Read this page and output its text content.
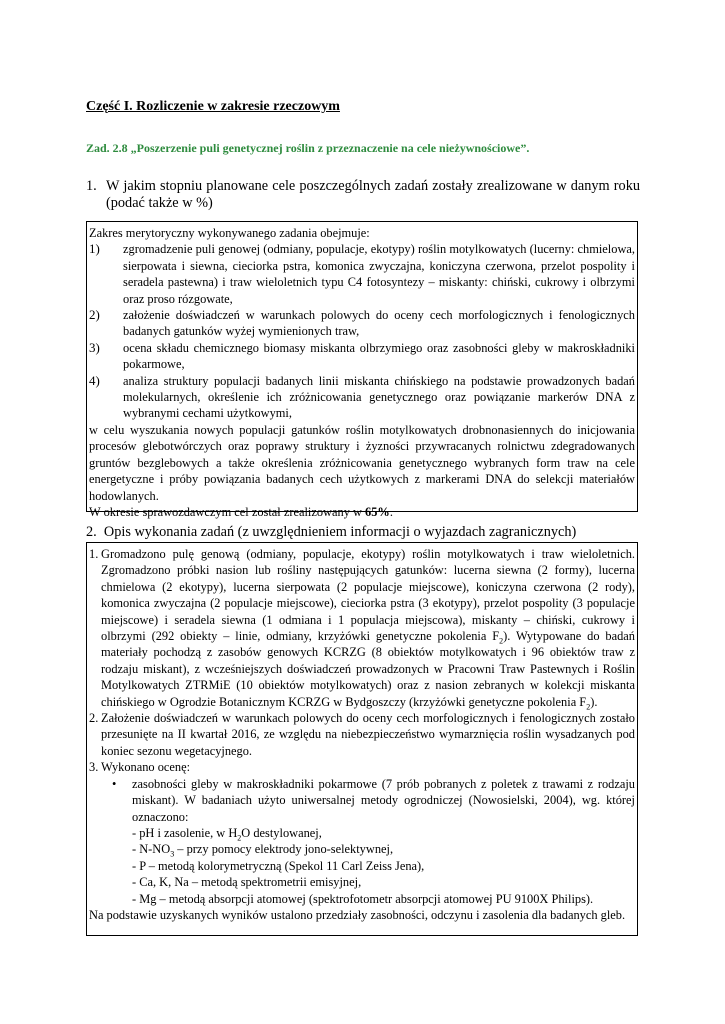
Część I. Rozliczenie w zakresie rzeczowym
Zad. 2.8 „Poszerzenie puli genetycznej roślin z przeznaczenie na cele nieżywnościowe”.
1. W jakim stopniu planowane cele poszczególnych zadań zostały zrealizowane w danym roku (podać także w %)
Zakres merytoryczny wykonywanego zadania obejmuje:
1) zgromadzenie puli genowej (odmiany, populacje, ekotypy) roślin motylkowatych (lucerny: chmielowa, sierpowata i siewna, cieciorka pstra, komonica zwyczajna, koniczyna czerwona, przelot pospolity i seradela pastewna) i traw wieloletnich typu C4 fotosyntezy – miskanty: chiński, cukrowy i olbrzymi oraz proso rózgowate,
2) założenie doświadczeń w warunkach polowych do oceny cech morfologicznych i fenologicznych badanych gatunków wyżej wymienionych traw,
3) ocena składu chemicznego biomasy miskanta olbrzymiego oraz zasobności gleby w makroskładniki pokarmowe,
4) analiza struktury populacji badanych linii miskanta chińskiego na podstawie prowadzonych badań molekularnych, określenie ich zróżnicowania genetycznego oraz powiązanie markerów DNA z wybranymi cechami użytkowymi,
w celu wyszukania nowych populacji gatunków roślin motylkowatych drobnonasiennych do inicjowania procesów glebotwórczych oraz poprawy struktury i żyzności przywracanych rolnictwu zdegradowanych gruntów bezglebowych a także określenia zróżnicowania genetycznego wybranych form traw na cele energetyczne i próby powiązania badanych cech użytkowych z markerami DNA do selekcji materiałów hodowlanych.
W okresie sprawozdawczym cel został zrealizowany w 65%.
2. Opis wykonania zadań (z uwzględnieniem informacji o wyjazdach zagranicznych)
1. Gromadzono pulę genową (odmiany, populacje, ekotypy) roślin motylkowatych i traw wieloletnich. Zgromadzono próbki nasion lub rośliny następujących gatunków: lucerna siewna (2 formy), lucerna chmielowa (2 ekotypy), lucerna sierpowata (2 populacje miejscowe), koniczyna czerwona (2 rody), komonica zwyczajna (2 populacje miejscowe), cieciorka pstra (3 ekotypy), przelot pospolity (3 populacje miejscowe) i seradela siewna (1 odmiana i 1 populacja miejscowa), miskanty – chiński, cukrowy i olbrzymi (292 obiekty – linie, odmiany, krzyżówki genetyczne pokolenia $F_2$). Wytypowane do badań materiały pochodzą z zasobów genowych KCRZG (8 obiektów motylkowatych i 96 obiektów traw z rodzaju miskant), z wcześniejszych doświadczeń prowadzonych w Pracowni Traw Pastewnych i Roślin Motylkowatych ZTRMiE (10 obiektów motylkowatych) oraz z nasion zebranych w kolekcji miskanta chińskiego w Ogrodzie Botanicznym KCRZG w Bydgoszczy (krzyżówki genetyczne pokolenia $F_2$).
2. Założenie doświadczeń w warunkach polowych do oceny cech morfologicznych i fenologicznych zostało przesunięte na II kwartał 2016, ze względu na niebezpieczeństwo wymarznięcia roślin wysadzanych pod koniec sezonu wegetacyjnego.
3. Wykonano ocenę:
• zasobności gleby w makroskładniki pokarmowe (7 prób pobranych z poletek z trawami z rodzaju miskant). W badaniach użyto uniwersalnej metody ogrodniczej (Nowosielski, 2004), wg. której oznaczono:
- pH i zasolenie, w $H_2O$ destylowanej,
- $N-NO_3$ – przy pomocy elektrody jono-selektywnej,
- P – metodą kolorymetryczną (Spekol 11 Carl Zeiss Jena),
- Ca, K, Na – metodą spektrometrii emisyjnej,
- Mg – metodą absorpcji atomowej (spektrofotometr absorpcji atomowej PU 9100X Philips).
Na podstawie uzyskanych wyników ustalono przedziały zasobności, odczynu i zasolenia dla badanych gleb.
